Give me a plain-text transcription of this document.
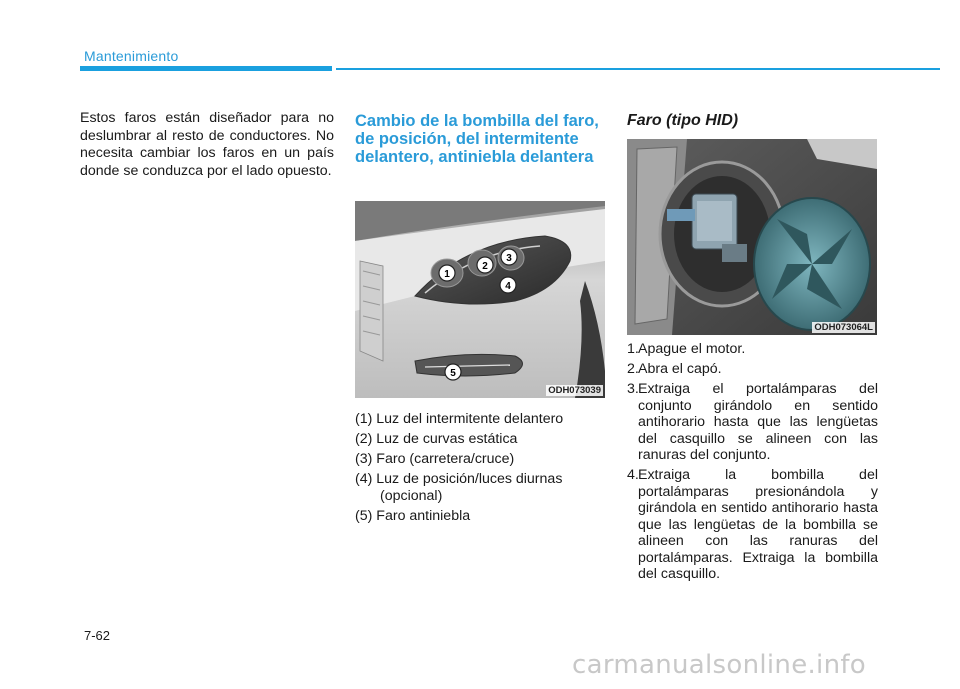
Mantenimiento
Estos faros están diseñador para no deslumbrar al resto de conductores. No necesita cambiar los faros en un país donde se conduzca por el lado opuesto.
Cambio de la bombilla del faro, de posición, del intermitente delantero, antiniebla delantera
1
2
3
4
5
ODH073039
(1) Luz del intermitente delantero
(2) Luz de curvas estática
(3) Faro (carretera/cruce)
(4) Luz de posición/luces diurnas
(opcional)
(5) Faro antiniebla
Faro (tipo HID)
ODH073064L
1. Apague el motor.
2. Abra el capó.
3. Extraiga el portalámparas del conjunto girándolo en sentido antihorario hasta que las lengüetas del casquillo se alineen con las ranuras del conjunto.
4. Extraiga la bombilla del portalámparas presionándola y girándola en sentido antihorario hasta que las lengüetas de la bombilla se alineen con las ranuras del portalámparas. Extraiga la bombilla del casquillo.
7-62
carmanualsonline.info
